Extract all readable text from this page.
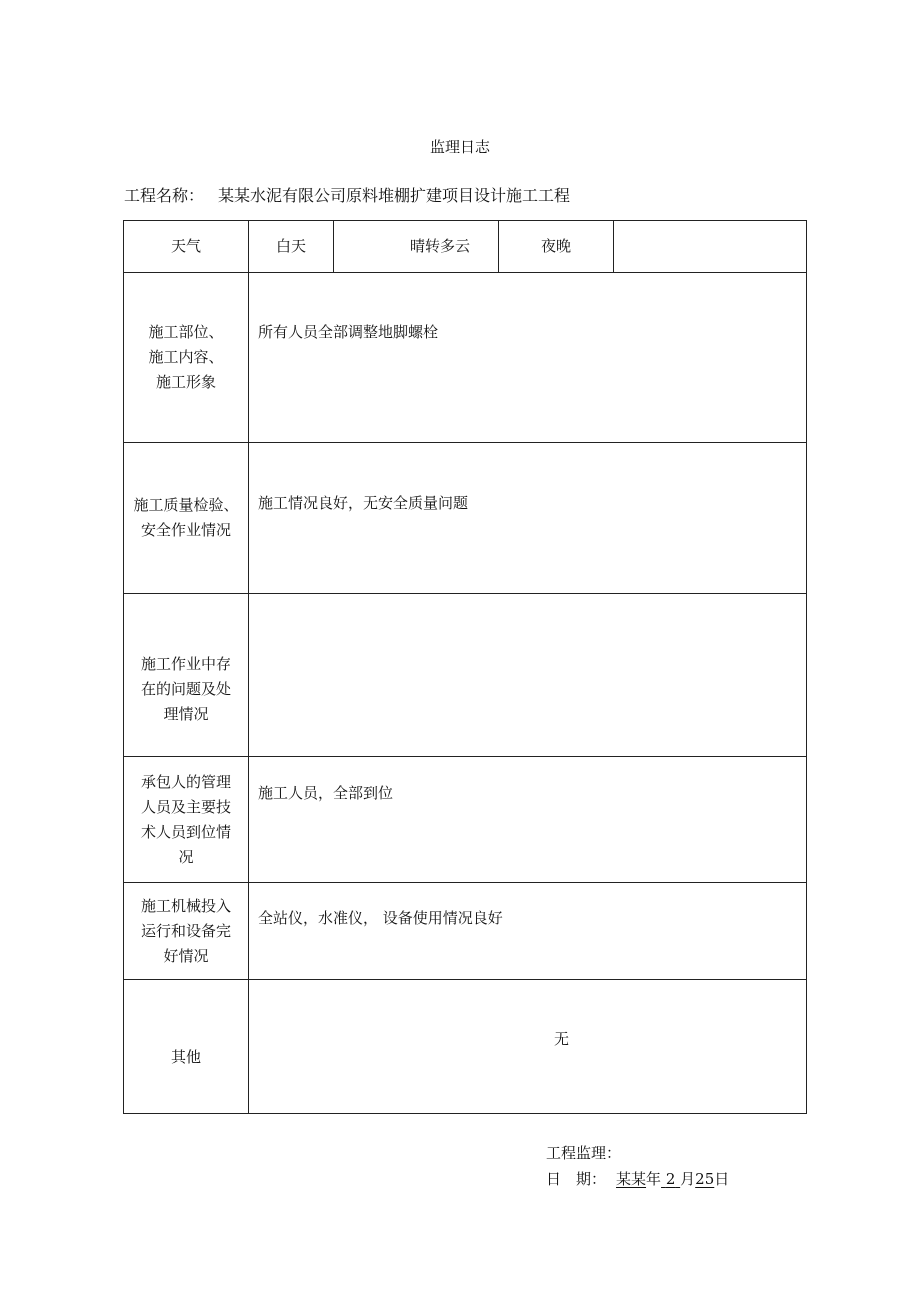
监理日志
工程名称： 某某水泥有限公司原料堆棚扩建项目设计施工工程
天气	白天	晴转多云	夜晚	

施工部位、
施工内容、
施工形象	所有人员全部调整地脚螺栓			

施工质量检验、
安全作业情况	施工情况良好，无安全质量问题			

施工作业中存
在的问题及处
理情况				

承包人的管理
人员及主要技
术人员到位情
况	施工人员，全部到位			

施工机械投入
运行和设备完
好情况	全站仪，水准仪， 设备使用情况良好			
其他	无			
工程监理：
日　期： 某某年 2 月25日
